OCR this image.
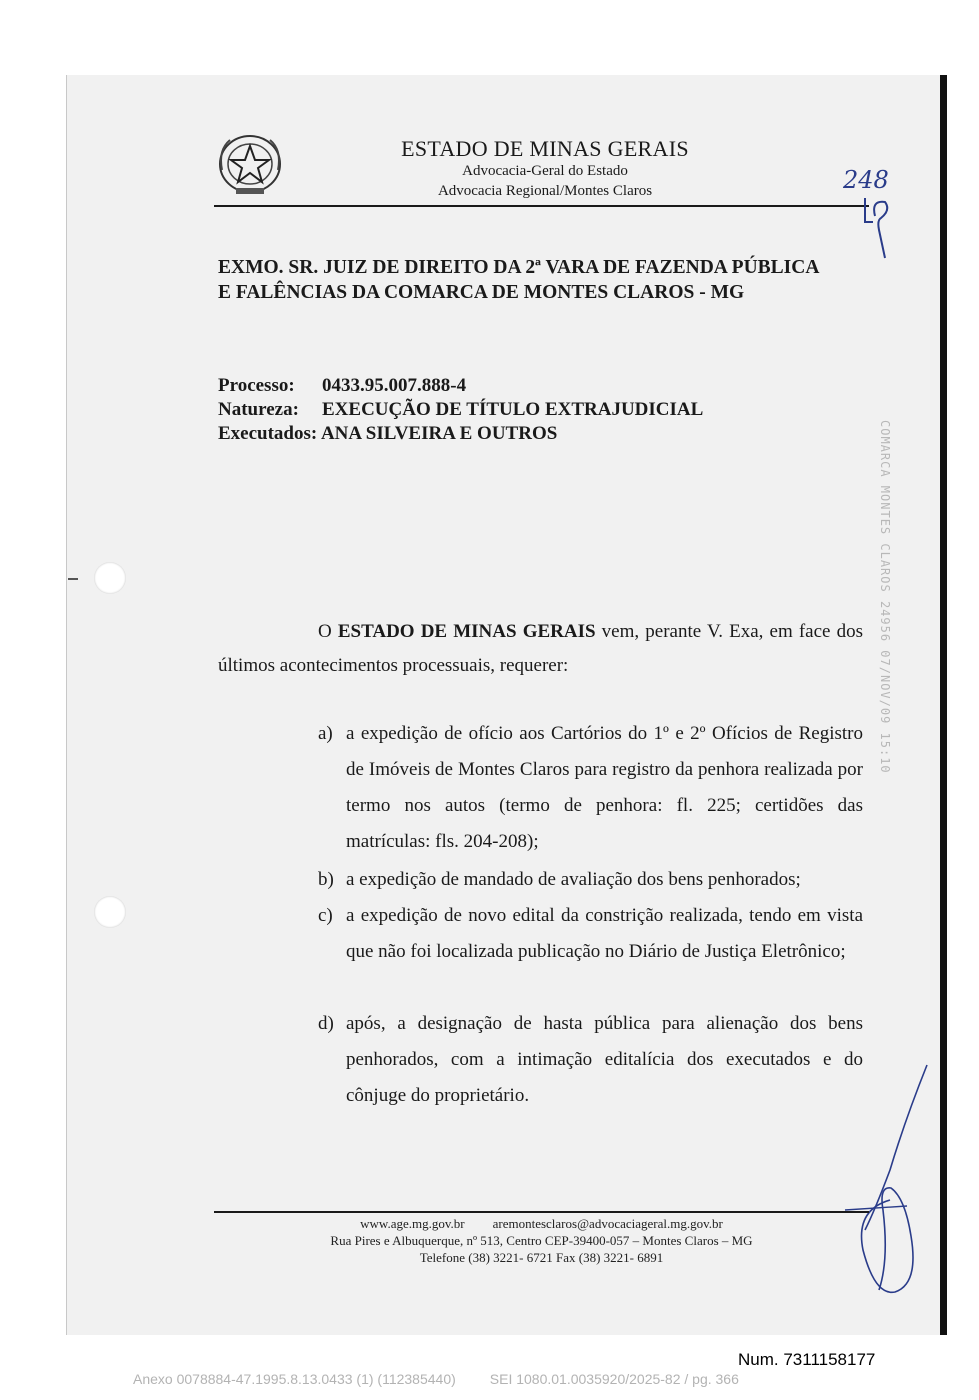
ESTADO DE MINAS GERAIS
Advocacia-Geral do Estado
Advocacia Regional/Montes Claros	248
EXMO. SR. JUIZ DE DIREITO DA 2ª VARA DE FAZENDA PÚBLICA
E FALÊNCIAS DA COMARCA DE MONTES CLAROS - MG
Processo: 0433.95.007.888-4
Natureza: EXECUÇÃO DE TÍTULO EXTRAJUDICIAL
Executados: ANA SILVEIRA E OUTROS
O ESTADO DE MINAS GERAIS vem, perante V. Exa, em face dos últimos acontecimentos processuais, requerer:
a) a expedição de ofício aos Cartórios do 1º e 2º Ofícios de Registro de Imóveis de Montes Claros para registro da penhora realizada por termo nos autos (termo de penhora: fl. 225; certidões das matrículas: fls. 204-208);
b) a expedição de mandado de avaliação dos bens penhorados;
c) a expedição de novo edital da constrição realizada, tendo em vista que não foi localizada publicação no Diário de Justiça Eletrônico;
d) após, a designação de hasta pública para alienação dos bens penhorados, com a intimação editalícia dos executados e do cônjuge do proprietário.
COMARCA MONTES CLAROS 24956 07/NOV/09 15:10
www.age.mg.gov.br aremontesclaros@advocaciageral.mg.gov.br
Rua Pires e Albuquerque, nº 513, Centro CEP-39400-057 – Montes Claros – MG
Telefone (38) 3221- 6721 Fax (38) 3221- 6891
Num. 7311158177
Anexo 0078884-47.1995.8.13.0433 (1) (112385440) SEI 1080.01.0035920/2025-82 / pg. 366
